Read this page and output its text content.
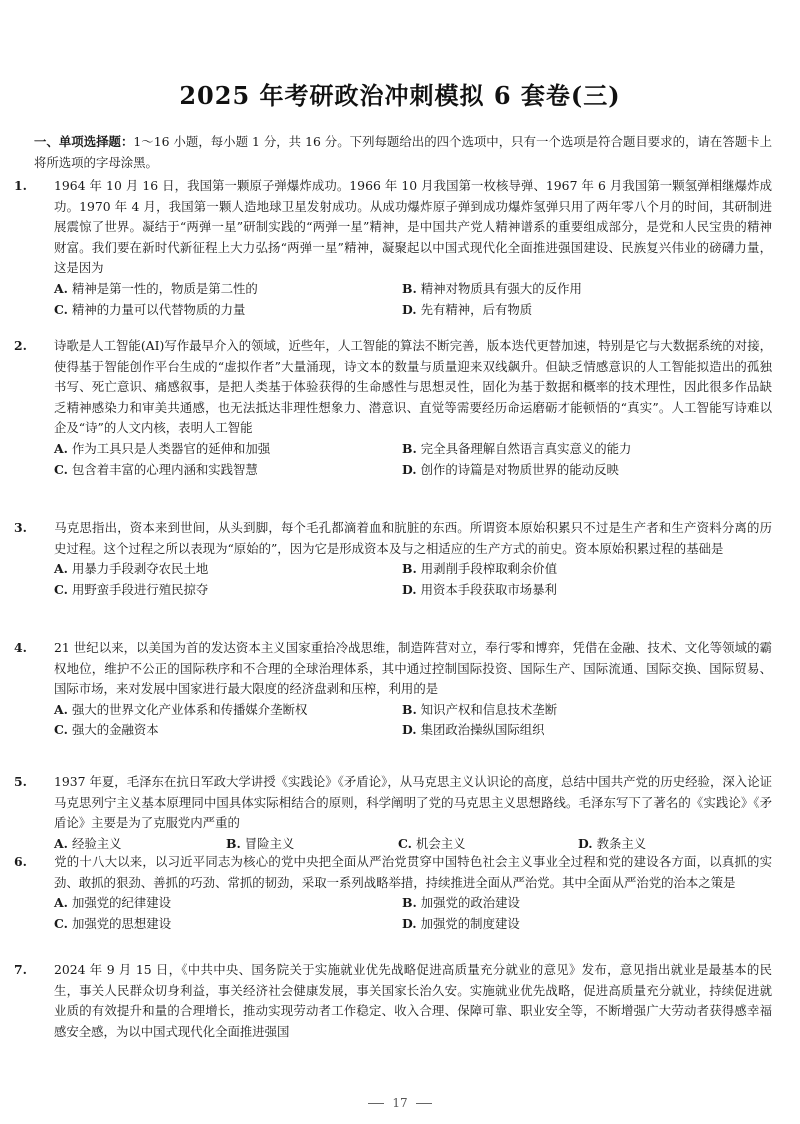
2025 年考研政治冲刺模拟 6 套卷(三)
一、单项选择题：1～16 小题，每小题 1 分，共 16 分。下列每题给出的四个选项中，只有一个选项是符合题目要求的，请在答题卡上将所选项的字母涂黑。
1. 1964 年 10 月 16 日，我国第一颗原子弹爆炸成功。1966 年 10 月我国第一枚核导弹、1967 年 6 月我国第一颗氢弹相继爆炸成功。1970 年 4 月，我国第一颗人造地球卫星发射成功。从成功爆炸原子弹到成功爆炸氢弹只用了两年零八个月的时间，其研制进展震惊了世界。凝结于“两弹一星”研制实践的“两弹一星”精神，是中国共产党人精神谱系的重要组成部分，是党和人民宝贵的精神财富。我们要在新时代新征程上大力弘扬“两弹一星”精神，凝聚起以中国式现代化全面推进强国建设、民族复兴伟业的磅礴力量，这是因为
A. 精神是第一性的，物质是第二性的	B. 精神对物质具有强大的反作用
C. 精神的力量可以代替物质的力量	D. 先有精神，后有物质
2. 诗歌是人工智能(AI)写作最早介入的领域，近些年，人工智能的算法不断完善，版本迭代更替加速，特别是它与大数据系统的对接，使得基于智能创作平台生成的“虚拟作者”大量涌现，诗文本的数量与质量迎来双线飙升。但缺乏情感意识的人工智能拟造出的孤独书写、死亡意识、痛感叙事，是把人类基于体验获得的生命感性与思想灵性，固化为基于数据和概率的技术理性，因此很多作品缺乏精神感染力和审美共通感，也无法抵达非理性想象力、潜意识、直觉等需要经历命运磨砺才能顿悟的“真实”。人工智能写诗难以企及“诗”的人文内核，表明人工智能
A. 作为工具只是人类器官的延伸和加强	B. 完全具备理解自然语言真实意义的能力
C. 包含着丰富的心理内涵和实践智慧	D. 创作的诗篇是对物质世界的能动反映
3. 马克思指出，资本来到世间，从头到脚，每个毛孔都滴着血和肮脏的东西。所谓资本原始积累只不过是生产者和生产资料分离的历史过程。这个过程之所以表现为“原始的”，因为它是形成资本及与之相适应的生产方式的前史。资本原始积累过程的基础是
A. 用暴力手段剥夺农民土地	B. 用剥削手段榨取剩余价值
C. 用野蛮手段进行殖民掠夺	D. 用资本手段获取市场暴利
4. 21 世纪以来，以美国为首的发达资本主义国家重拾冷战思维，制造阵营对立，奉行零和博弈，凭借在金融、技术、文化等领域的霸权地位，维护不公正的国际秩序和不合理的全球治理体系，其中通过控制国际投资、国际生产、国际流通、国际交换、国际贸易、国际市场，来对发展中国家进行最大限度的经济盘剥和压榨，利用的是
A. 强大的世界文化产业体系和传播媒介垄断权	B. 知识产权和信息技术垄断
C. 强大的金融资本	D. 集团政治操纵国际组织
5. 1937 年夏，毛泽东在抗日军政大学讲授《实践论》《矛盾论》，从马克思主义认识论的高度，总结中国共产党的历史经验，深入论证马克思列宁主义基本原理同中国具体实际相结合的原则，科学阐明了党的马克思主义思想路线。毛泽东写下了著名的《实践论》《矛盾论》主要是为了克服党内严重的
A. 经验主义	B. 冒险主义	C. 机会主义	D. 教条主义
6. 党的十八大以来，以习近平同志为核心的党中央把全面从严治党贯穿中国特色社会主义事业全过程和党的建设各方面，以真抓的实劲、敢抓的狠劲、善抓的巧劲、常抓的韧劲，采取一系列战略举措，持续推进全面从严治党。其中全面从严治党的治本之策是
A. 加强党的纪律建设	B. 加强党的政治建设
C. 加强党的思想建设	D. 加强党的制度建设
7. 2024 年 9 月 15 日，《中共中央、国务院关于实施就业优先战略促进高质量充分就业的意见》发布，意见指出就业是最基本的民生，事关人民群众切身利益，事关经济社会健康发展，事关国家长治久安。实施就业优先战略，促进高质量充分就业，持续促进就业质的有效提升和量的合理增长，推动实现劳动者工作稳定、收入合理、保障可靠、职业安全等，不断增强广大劳动者获得感幸福感安全感，为以中国式现代化全面推进强国
17
